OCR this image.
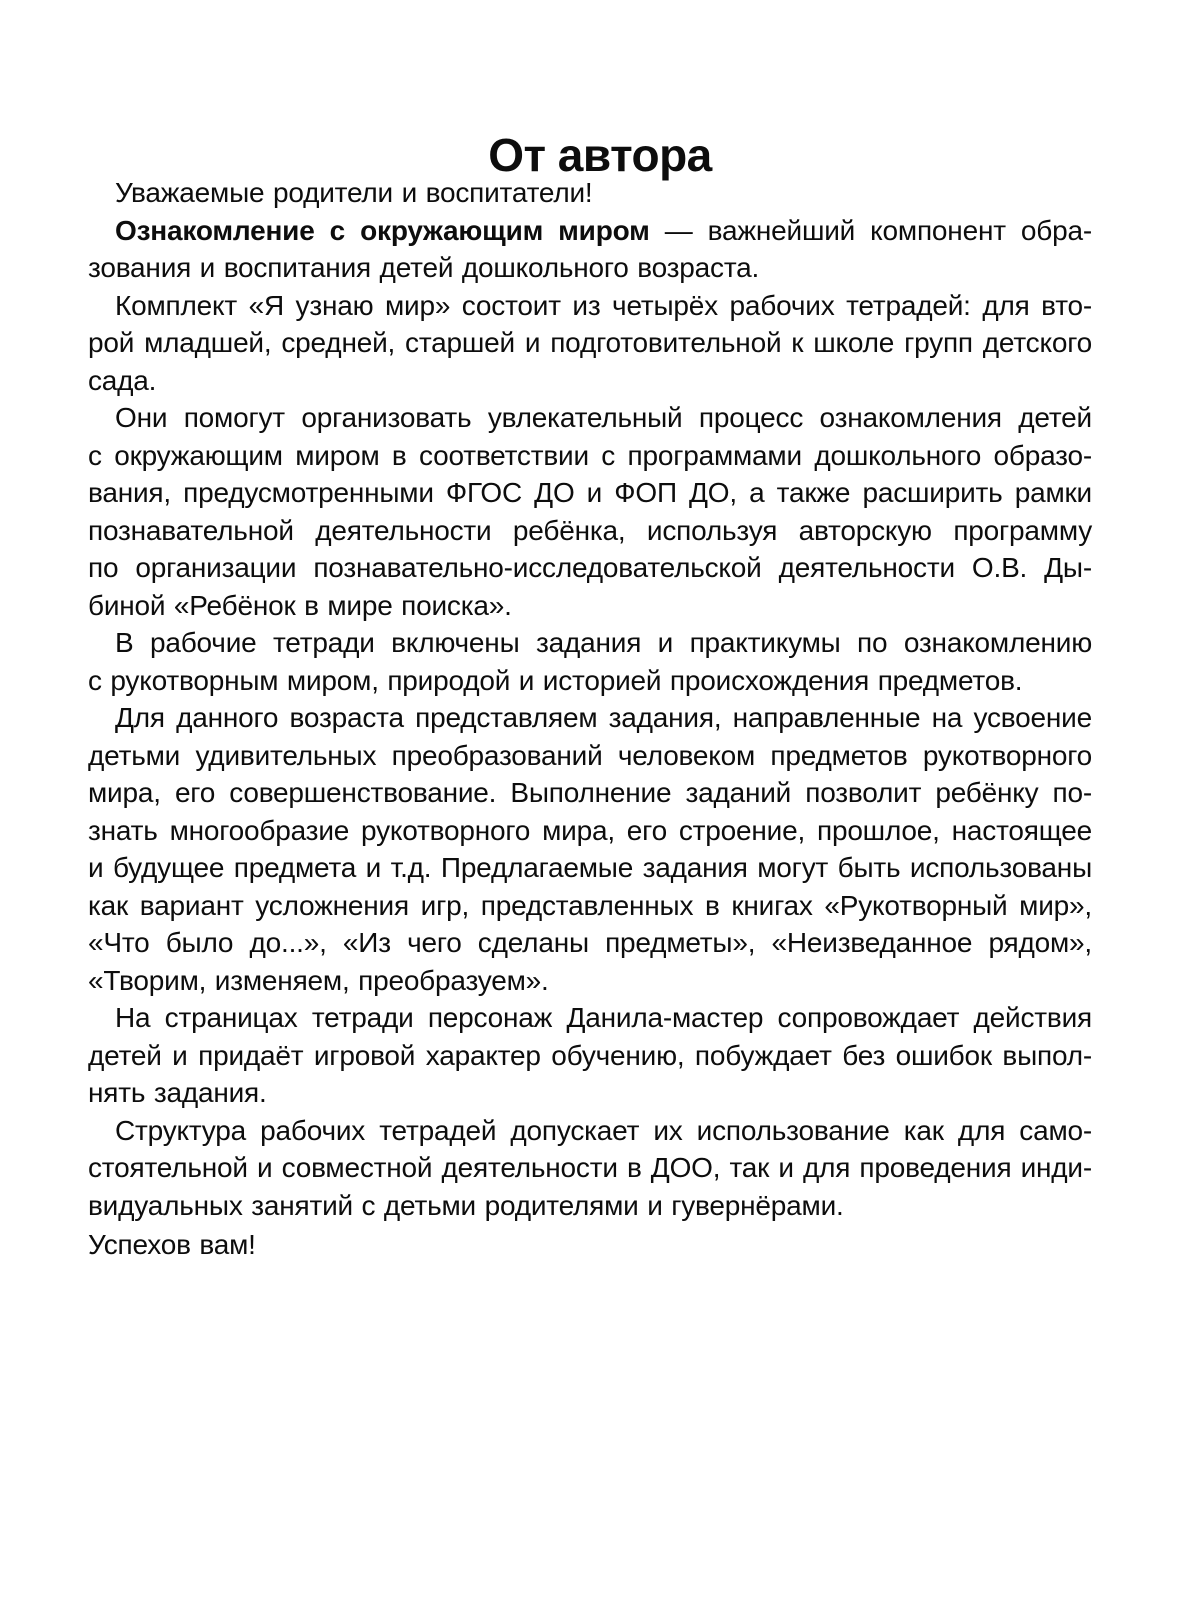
От автора
Уважаемые родители и воспитатели!
Ознакомление с окружающим миром — важнейший компонент обра-
зования и воспитания детей дошкольного возраста.
Комплект «Я узнаю мир» состоит из четырёх рабочих тетрадей: для вто-
рой младшей, средней, старшей и подготовительной к школе групп детского
сада.
Они помогут организовать увлекательный процесс ознакомления детей
с окружающим миром в соответствии с программами дошкольного образо-
вания, предусмотренными ФГОС ДО и ФОП ДО, а также расширить рамки
познавательной деятельности ребёнка, используя авторскую программу
по организации познавательно-исследовательской деятельности О.В. Ды-
биной «Ребёнок в мире поиска».
В рабочие тетради включены задания и практикумы по ознакомлению
с рукотворным миром, природой и историей происхождения предметов.
Для данного возраста представляем задания, направленные на усвоение
детьми удивительных преобразований человеком предметов рукотворного
мира, его совершенствование. Выполнение заданий позволит ребёнку по-
знать многообразие рукотворного мира, его строение, прошлое, настоящее
и будущее предмета и т.д. Предлагаемые задания могут быть использованы
как вариант усложнения игр, представленных в книгах «Рукотворный мир»,
«Что было до...», «Из чего сделаны предметы», «Неизведанное рядом»,
«Творим, изменяем, преобразуем».
На страницах тетради персонаж Данила-мастер сопровождает действия
детей и придаёт игровой характер обучению, побуждает без ошибок выпол-
нять задания.
Структура рабочих тетрадей допускает их использование как для само-
стоятельной и совместной деятельности в ДОО, так и для проведения инди-
видуальных занятий с детьми родителями и гувернёрами.
Успехов вам!
